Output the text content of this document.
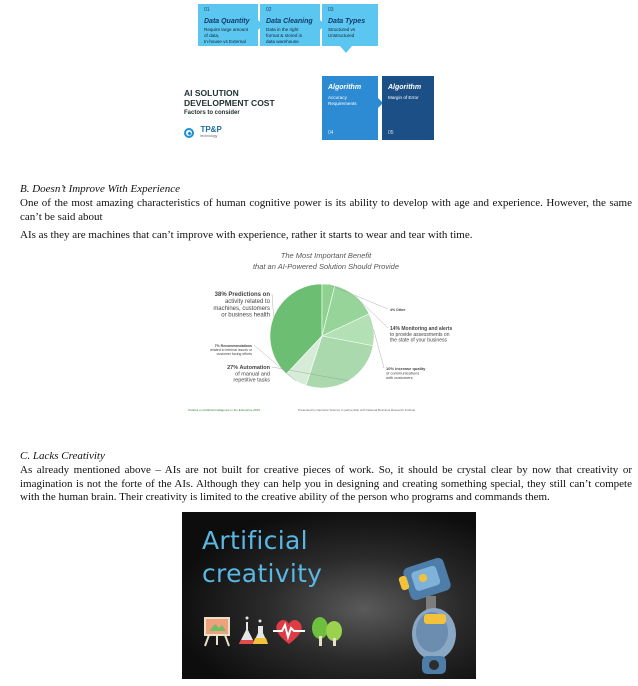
01
Data Quantity
Require large amount
of data,
In-house vs External
02
Data Cleaning
Data in the right
format & stored in
data warehouse
03
Data Types
Structured vs
Unstructured
Algorithm
Accuracy
Requirements
04
Algorithm
Margin of Error
05
AI SOLUTION
DEVELOPMENT COST
Factors to consider
TP&P
technology
B. Doesn’t Improve With Experience
One of the most amazing characteristics of human cognitive power is its ability to develop with age and experience. However, the same can’t be said about
AIs as they are machines that can’t improve with experience, rather it starts to wear and tear with time.
The Most Important Benefit
that an AI-Powered Solution Should Provide
38% Predictions on activity related to machines, customers or business health
4% Other
14% Monitoring and alerts to provide assessments on the state of your business
10% Increase quality of communications with customers
27% Automation of manual and repetitive tasks
7% Recommendations related to internal issues or customer facing efforts
Outlook on Artificial Intelligence in the Enterprise 2016	Presented by Narrative Science in partnership with National Business Research Institute
C. Lacks Creativity
As already mentioned above – AIs are not built for creative pieces of work. So, it should be crystal clear by now that creativity or imagination is not the forte of the AIs. Although they can help you in designing and creating something special, they still can’t compete with the human brain. Their creativity is limited to the creative ability of the person who programs and commands them.
Artificial
creativity
